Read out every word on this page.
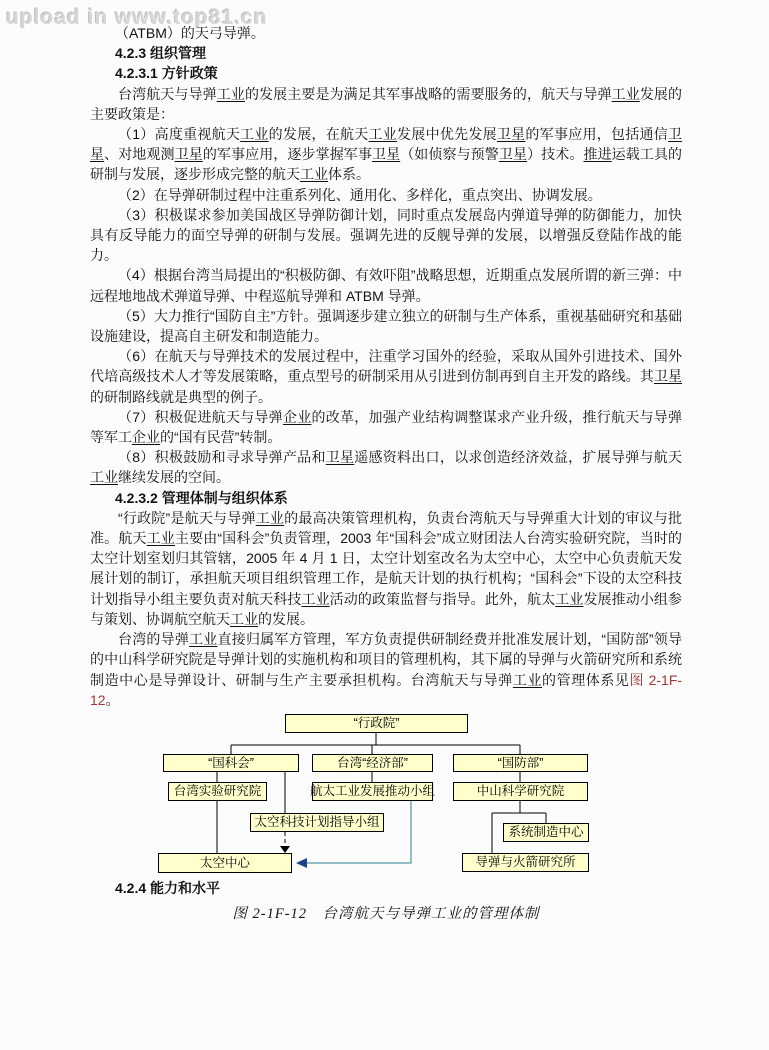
upload in www.top81.cn

（ATBM）的天弓导弹。

4.2.3 组织管理

4.2.3.1 方针政策

台湾航天与导弹工业的发展主要是为满足其军事战略的需要服务的，航天与导弹工业发展的主要政策是：

（1）高度重视航天工业的发展，在航天工业发展中优先发展卫星的军事应用，包括通信卫星、对地观测卫星的军事应用，逐步掌握军事卫星（如侦察与预警卫星）技术。推进运载工具的研制与发展，逐步形成完整的航天工业体系。

（2）在导弹研制过程中注重系列化、通用化、多样化，重点突出、协调发展。

（3）积极谋求参加美国战区导弹防御计划，同时重点发展岛内弹道导弹的防御能力，加快具有反导能力的面空导弹的研制与发展。强调先进的反舰导弹的发展，以增强反登陆作战的能力。

（4）根据台湾当局提出的“积极防御、有效吓阻”战略思想，近期重点发展所谓的新三弹：中远程地地战术弹道导弹、中程巡航导弹和 ATBM 导弹。

（5）大力推行“国防自主”方针。强调逐步建立独立的研制与生产体系，重视基础研究和基础设施建设，提高自主研发和制造能力。

（6）在航天与导弹技术的发展过程中，注重学习国外的经验，采取从国外引进技术、国外代培高级技术人才等发展策略，重点型号的研制采用从引进到仿制再到自主开发的路线。其卫星的研制路线就是典型的例子。

（7）积极促进航天与导弹企业的改革，加强产业结构调整谋求产业升级，推行航天与导弹等军工企业的“国有民营”转制。

（8）积极鼓励和寻求导弹产品和卫星遥感资料出口，以求创造经济效益，扩展导弹与航天工业继续发展的空间。

4.2.3.2 管理体制与组织体系

“行政院”是航天与导弹工业的最高决策管理机构，负责台湾航天与导弹重大计划的审议与批准。航天工业主要由“国科会”负责管理，2003 年“国科会”成立财团法人台湾实验研究院，当时的太空计划室划归其管辖，2005 年 4 月 1 日，太空计划室改名为太空中心，太空中心负责航天发展计划的制订，承担航天项目组织管理工作，是航天计划的执行机构；“国科会”下设的太空科技计划指导小组主要负责对航天科技工业活动的政策监督与指导。此外，航太工业发展推动小组参与策划、协调航空航天工业的发展。

台湾的导弹工业直接归属军方管理，军方负责提供研制经费并批准发展计划，“国防部”领导的中山科学研究院是导弹计划的实施机构和项目的管理机构，其下属的导弹与火箭研究所和系统制造中心是导弹设计、研制与生产主要承担机构。台湾航天与导弹工业的管理体系见图 2-1F-12。

“行政院”
“国科会”	台湾“经济部”	“国防部”
台湾实验研究院	航太工业发展推动小组	中山科学研究院
太空科技计划指导小组
系统制造中心
太空中心	导弹与火箭研究所

4.2.4 能力和水平

图 2-1F-12　台湾航天与导弹工业的管理体制
